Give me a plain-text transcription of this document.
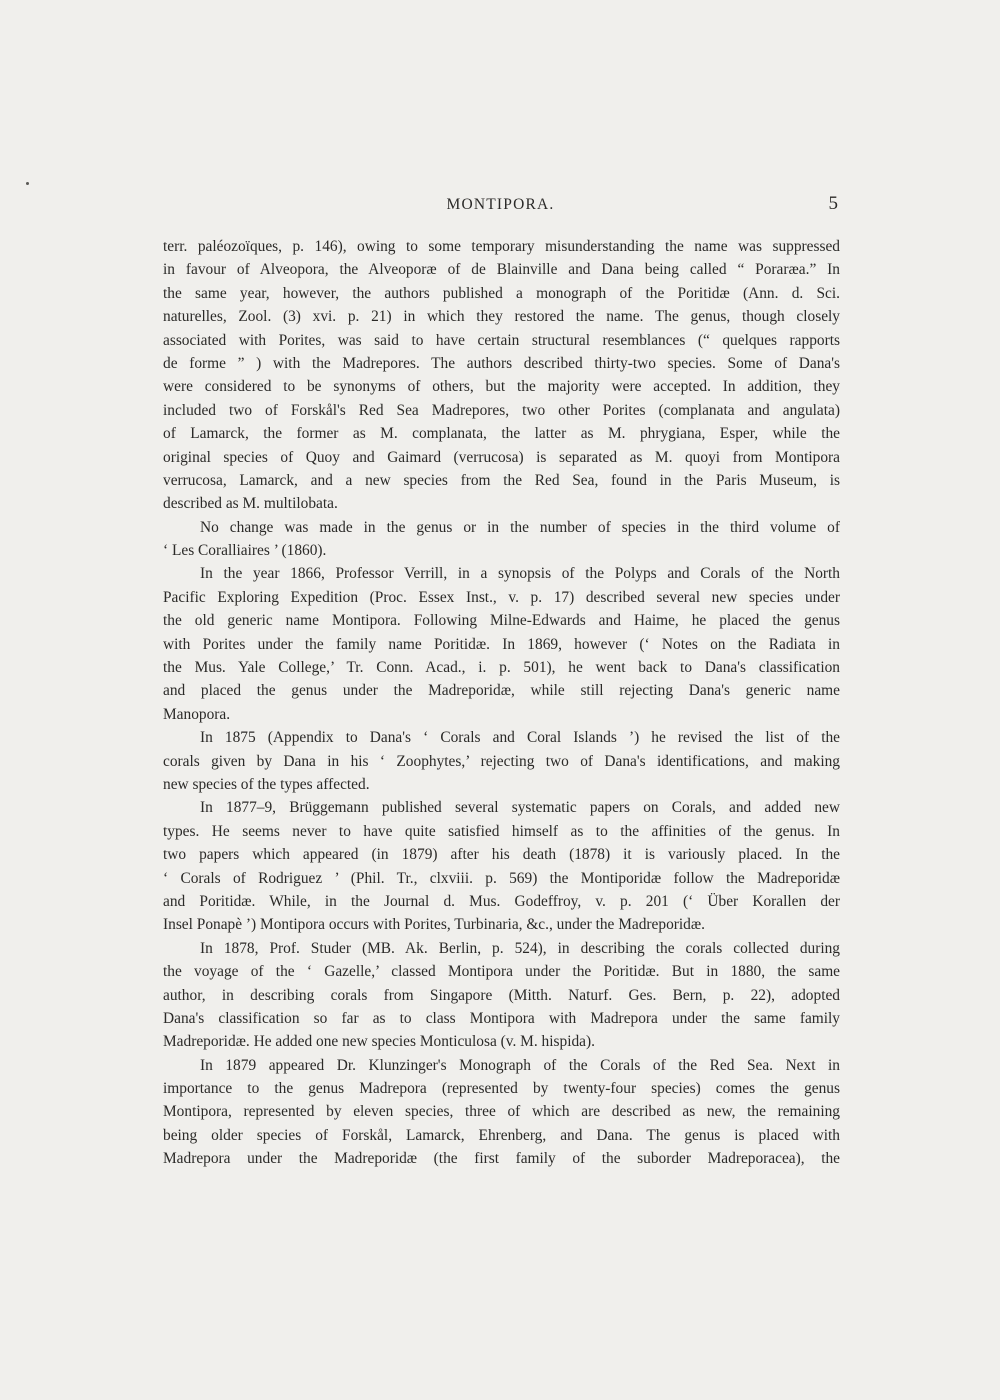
MONTIPORA.	5
terr. paléozoïques, p. 146), owing to some temporary misunderstanding the name was suppressed
in favour of Alveopora, the Alveoporæ of de Blainville and Dana being called “ Poraræa.” In
the same year, however, the authors published a monograph of the Poritidæ (Ann. d. Sci.
naturelles, Zool. (3) xvi. p. 21) in which they restored the name. The genus, though closely
associated with Porites, was said to have certain structural resemblances (“ quelques rapports
de forme ” ) with the Madrepores. The authors described thirty-two species. Some of Dana's
were considered to be synonyms of others, but the majority were accepted. In addition, they
included two of Forskål's Red Sea Madrepores, two other Porites (complanata and angulata)
of Lamarck, the former as M. complanata, the latter as M. phrygiana, Esper, while the
original species of Quoy and Gaimard (verrucosa) is separated as M. quoyi from Montipora
verrucosa, Lamarck, and a new species from the Red Sea, found in the Paris Museum, is
described as M. multilobata.
No change was made in the genus or in the number of species in the third volume of
‘ Les Coralliaires ’ (1860).
In the year 1866, Professor Verrill, in a synopsis of the Polyps and Corals of the North
Pacific Exploring Expedition (Proc. Essex Inst., v. p. 17) described several new species under
the old generic name Montipora. Following Milne-Edwards and Haime, he placed the genus
with Porites under the family name Poritidæ. In 1869, however (‘ Notes on the Radiata in
the Mus. Yale College,’ Tr. Conn. Acad., i. p. 501), he went back to Dana's classification
and placed the genus under the Madreporidæ, while still rejecting Dana's generic name
Manopora.
In 1875 (Appendix to Dana's ‘ Corals and Coral Islands ’) he revised the list of the
corals given by Dana in his ‘ Zoophytes,’ rejecting two of Dana's identifications, and making
new species of the types affected.
In 1877–9, Brüggemann published several systematic papers on Corals, and added new
types. He seems never to have quite satisfied himself as to the affinities of the genus. In
two papers which appeared (in 1879) after his death (1878) it is variously placed. In the
‘ Corals of Rodriguez ’ (Phil. Tr., clxviii. p. 569) the Montiporidæ follow the Madreporidæ
and Poritidæ. While, in the Journal d. Mus. Godeffroy, v. p. 201 (‘ Über Korallen der
Insel Ponapè ’) Montipora occurs with Porites, Turbinaria, &c., under the Madreporidæ.
In 1878, Prof. Studer (MB. Ak. Berlin, p. 524), in describing the corals collected during
the voyage of the ‘ Gazelle,’ classed Montipora under the Poritidæ. But in 1880, the same
author, in describing corals from Singapore (Mitth. Naturf. Ges. Bern, p. 22), adopted
Dana's classification so far as to class Montipora with Madrepora under the same family
Madreporidæ. He added one new species Monticulosa (v. M. hispida).
In 1879 appeared Dr. Klunzinger's Monograph of the Corals of the Red Sea. Next in
importance to the genus Madrepora (represented by twenty-four species) comes the genus
Montipora, represented by eleven species, three of which are described as new, the remaining
being older species of Forskål, Lamarck, Ehrenberg, and Dana. The genus is placed with
Madrepora under the Madreporidæ (the first family of the suborder Madreporacea), the
